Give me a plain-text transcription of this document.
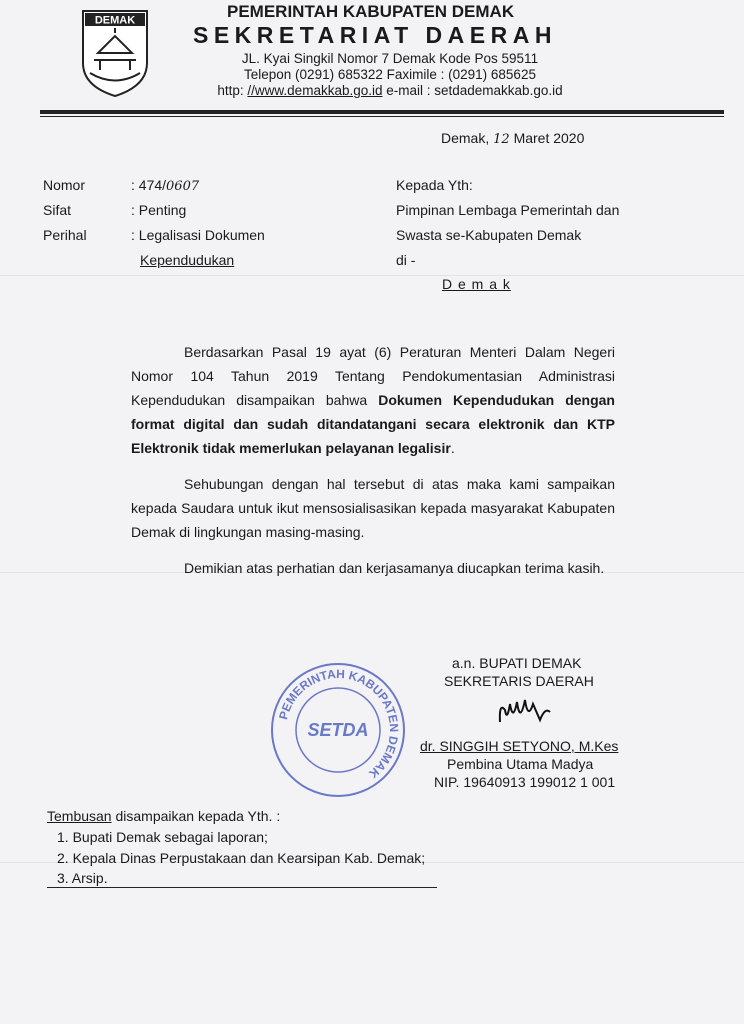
DEMAK	PEMERINTAH KABUPATEN DEMAK
SEKRETARIAT DAERAH
JL. Kyai Singkil Nomor 7 Demak Kode Pos 59511
Telepon (0291) 685322 Faximile : (0291) 685625
http: //www.demakkab.go.id e-mail : setdademakkab.go.id
Demak, 12 Maret 2020
Nomor	: 474/0607
Sifat	: Penting
Perihal	: Legalisasi Dokumen
Kependudukan
Kepada Yth:
Pimpinan Lembaga Pemerintah dan
Swasta se-Kabupaten Demak
di -
D e m a k

Berdasarkan Pasal 19 ayat (6) Peraturan Menteri Dalam Negeri Nomor 104 Tahun 2019 Tentang Pendokumentasian Administrasi Kependudukan disampaikan bahwa Dokumen Kependudukan dengan format digital dan sudah ditandatangani secara elektronik dan KTP Elektronik tidak memerlukan pelayanan legalisir.

Sehubungan dengan hal tersebut di atas maka kami sampaikan kepada Saudara untuk ikut mensosialisasikan kepada masyarakat Kabupaten Demak di lingkungan masing-masing.

Demikian atas perhatian dan kerjasamanya diucapkan terima kasih.

PEMERINTAH KABUPATEN DEMAK
SETDA
a.n. BUPATI DEMAK
SEKRETARIS DAERAH
dr. SINGGIH SETYONO, M.Kes
Pembina Utama Madya
NIP. 19640913 199012 1 001
Tembusan disampaikan kepada Yth. :
1. Bupati Demak sebagai laporan;
2. Kepala Dinas Perpustakaan dan Kearsipan Kab. Demak;
3. Arsip.
